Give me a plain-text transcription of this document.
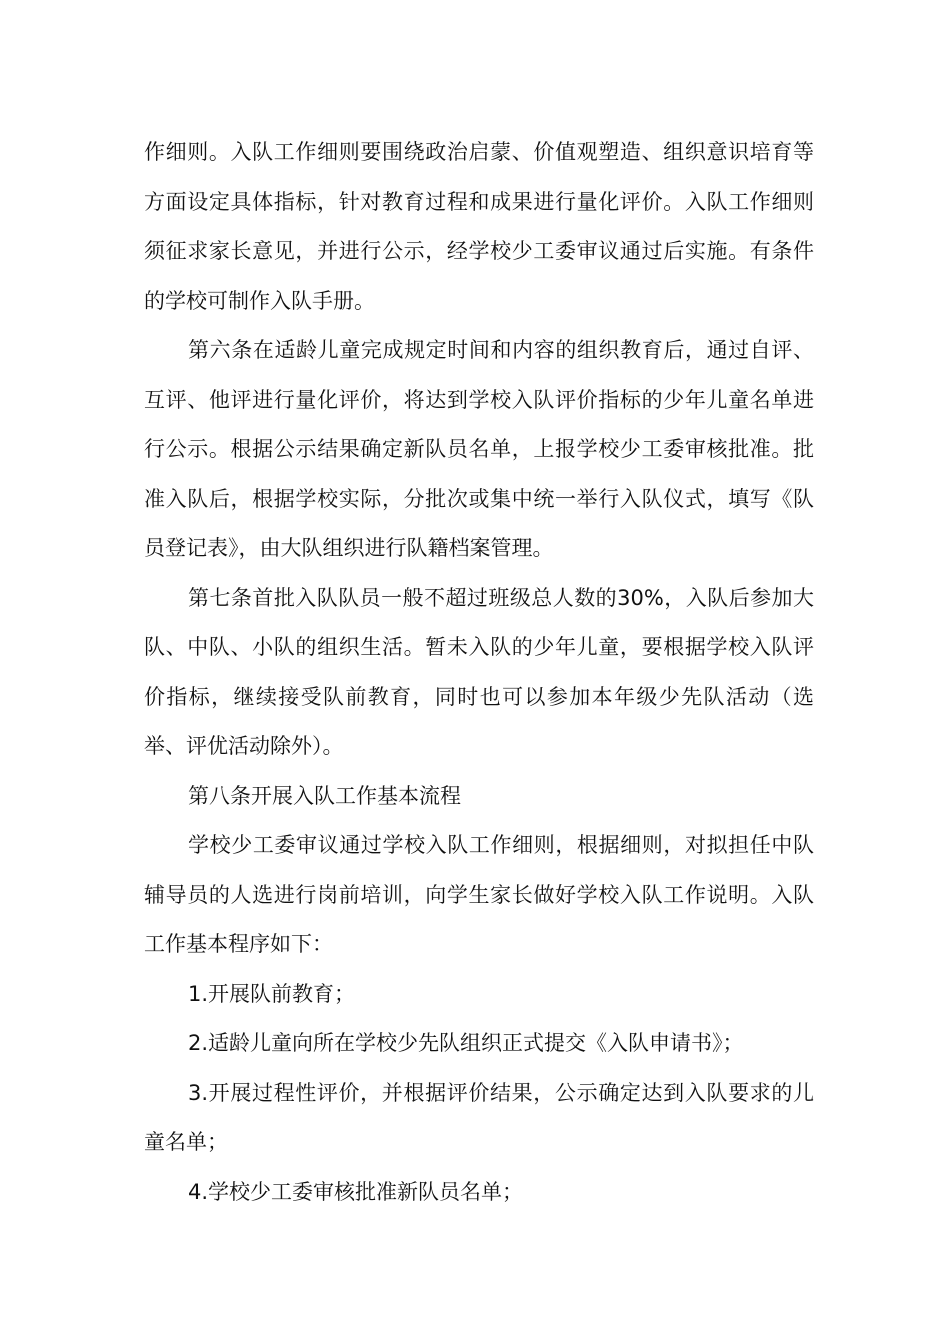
作细则。入队工作细则要围绕政治启蒙、价值观塑造、组织意识培育等方面设定具体指标，针对教育过程和成果进行量化评价。入队工作细则须征求家长意见，并进行公示，经学校少工委审议通过后实施。有条件的学校可制作入队手册。

第六条在适龄儿童完成规定时间和内容的组织教育后，通过自评、互评、他评进行量化评价，将达到学校入队评价指标的少年儿童名单进行公示。根据公示结果确定新队员名单，上报学校少工委审核批准。批准入队后，根据学校实际，分批次或集中统一举行入队仪式，填写《队员登记表》，由大队组织进行队籍档案管理。

第七条首批入队队员一般不超过班级总人数的30%，入队后参加大队、中队、小队的组织生活。暂未入队的少年儿童，要根据学校入队评价指标，继续接受队前教育，同时也可以参加本年级少先队活动（选举、评优活动除外）。

第八条开展入队工作基本流程

学校少工委审议通过学校入队工作细则，根据细则，对拟担任中队辅导员的人选进行岗前培训，向学生家长做好学校入队工作说明。入队工作基本程序如下：

1.开展队前教育；

2.适龄儿童向所在学校少先队组织正式提交《入队申请书》；

3.开展过程性评价，并根据评价结果，公示确定达到入队要求的儿童名单；

4.学校少工委审核批准新队员名单；
